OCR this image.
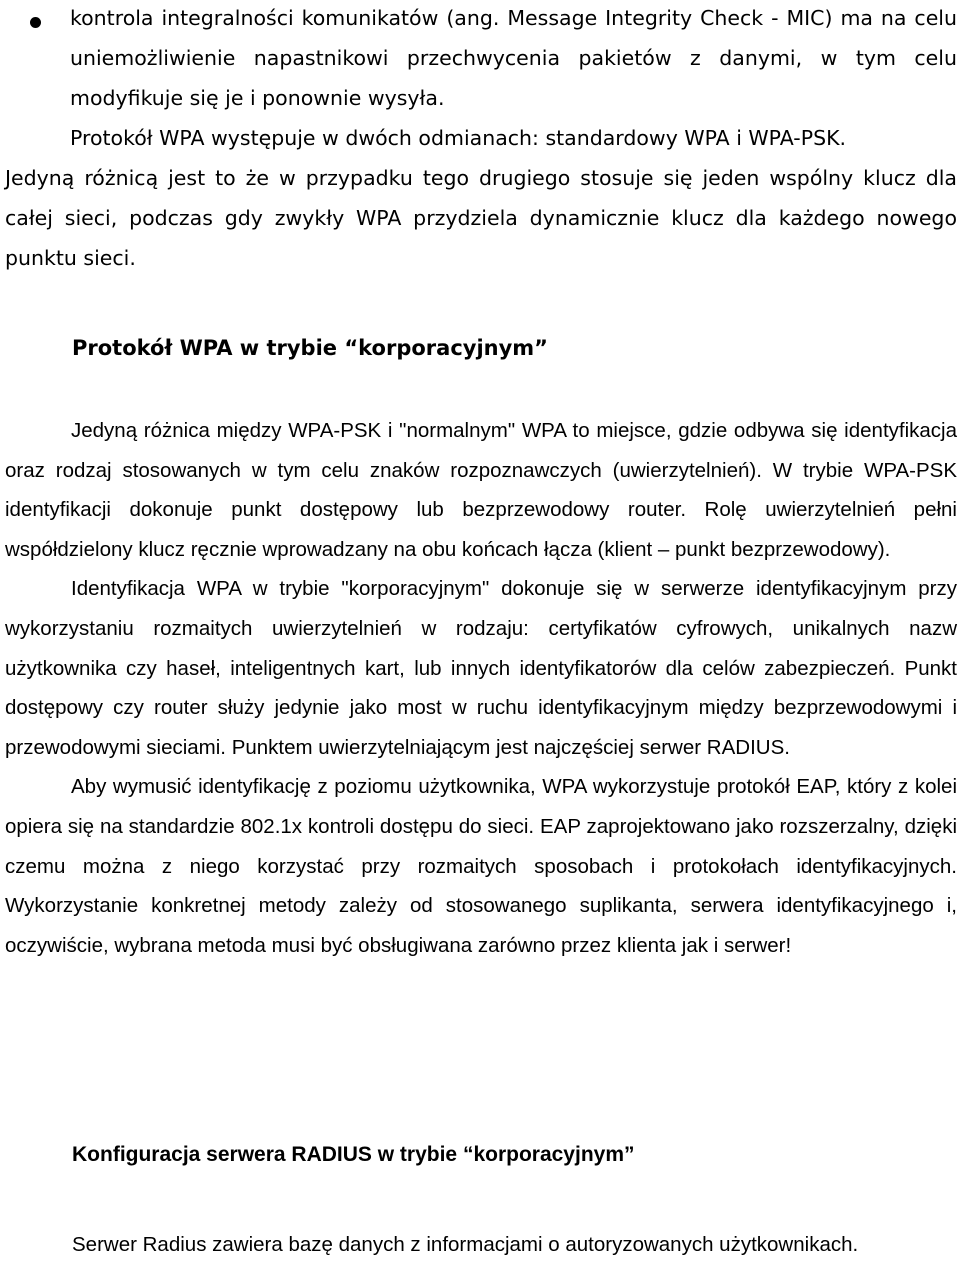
kontrola integralności komunikatów (ang. Message Integrity Check - MIC) ma na celu uniemożliwienie napastnikowi przechwycenia pakietów z danymi, w tym celu modyfikuje się je i ponownie wysyła.
Protokół WPA występuje w dwóch odmianach: standardowy WPA i WPA-PSK.
Jedyną różnicą jest to że w przypadku tego drugiego stosuje się jeden wspólny klucz dla całej sieci, podczas gdy zwykły WPA przydziela dynamicznie klucz dla każdego nowego punktu sieci.
Protokół WPA w trybie “korporacyjnym”

Jedyną różnica między WPA-PSK i "normalnym" WPA to miejsce, gdzie odbywa się identyfikacja oraz rodzaj stosowanych w tym celu znaków rozpoznawczych (uwierzytelnień). W trybie WPA-PSK identyfikacji dokonuje punkt dostępowy lub bezprzewodowy router. Rolę uwierzytelnień pełni współdzielony klucz ręcznie wprowadzany na obu końcach łącza (klient – punkt bezprzewodowy).

Identyfikacja WPA w trybie "korporacyjnym" dokonuje się w serwerze identyfikacyjnym przy wykorzystaniu rozmaitych uwierzytelnień w rodzaju: certyfikatów cyfrowych, unikalnych nazw użytkownika czy haseł, inteligentnych kart, lub innych identyfikatorów dla celów zabezpieczeń. Punkt dostępowy czy router służy jedynie jako most w ruchu identyfikacyjnym między bezprzewodowymi i przewodowymi sieciami. Punktem uwierzytelniającym jest najczęściej serwer RADIUS.

Aby wymusić identyfikację z poziomu użytkownika, WPA wykorzystuje protokół EAP, który z kolei opiera się na standardzie 802.1x kontroli dostępu do sieci. EAP zaprojektowano jako rozszerzalny, dzięki czemu można z niego korzystać przy rozmaitych sposobach i protokołach identyfikacyjnych. Wykorzystanie konkretnej metody zależy od stosowanego suplikanta, serwera identyfikacyjnego i, oczywiście, wybrana metoda musi być obsługiwana zarówno przez klienta jak i serwer!

Konfiguracja serwera RADIUS w trybie “korporacyjnym”
Serwer Radius zawiera bazę danych z informacjami o autoryzowanych użytkownikach.
